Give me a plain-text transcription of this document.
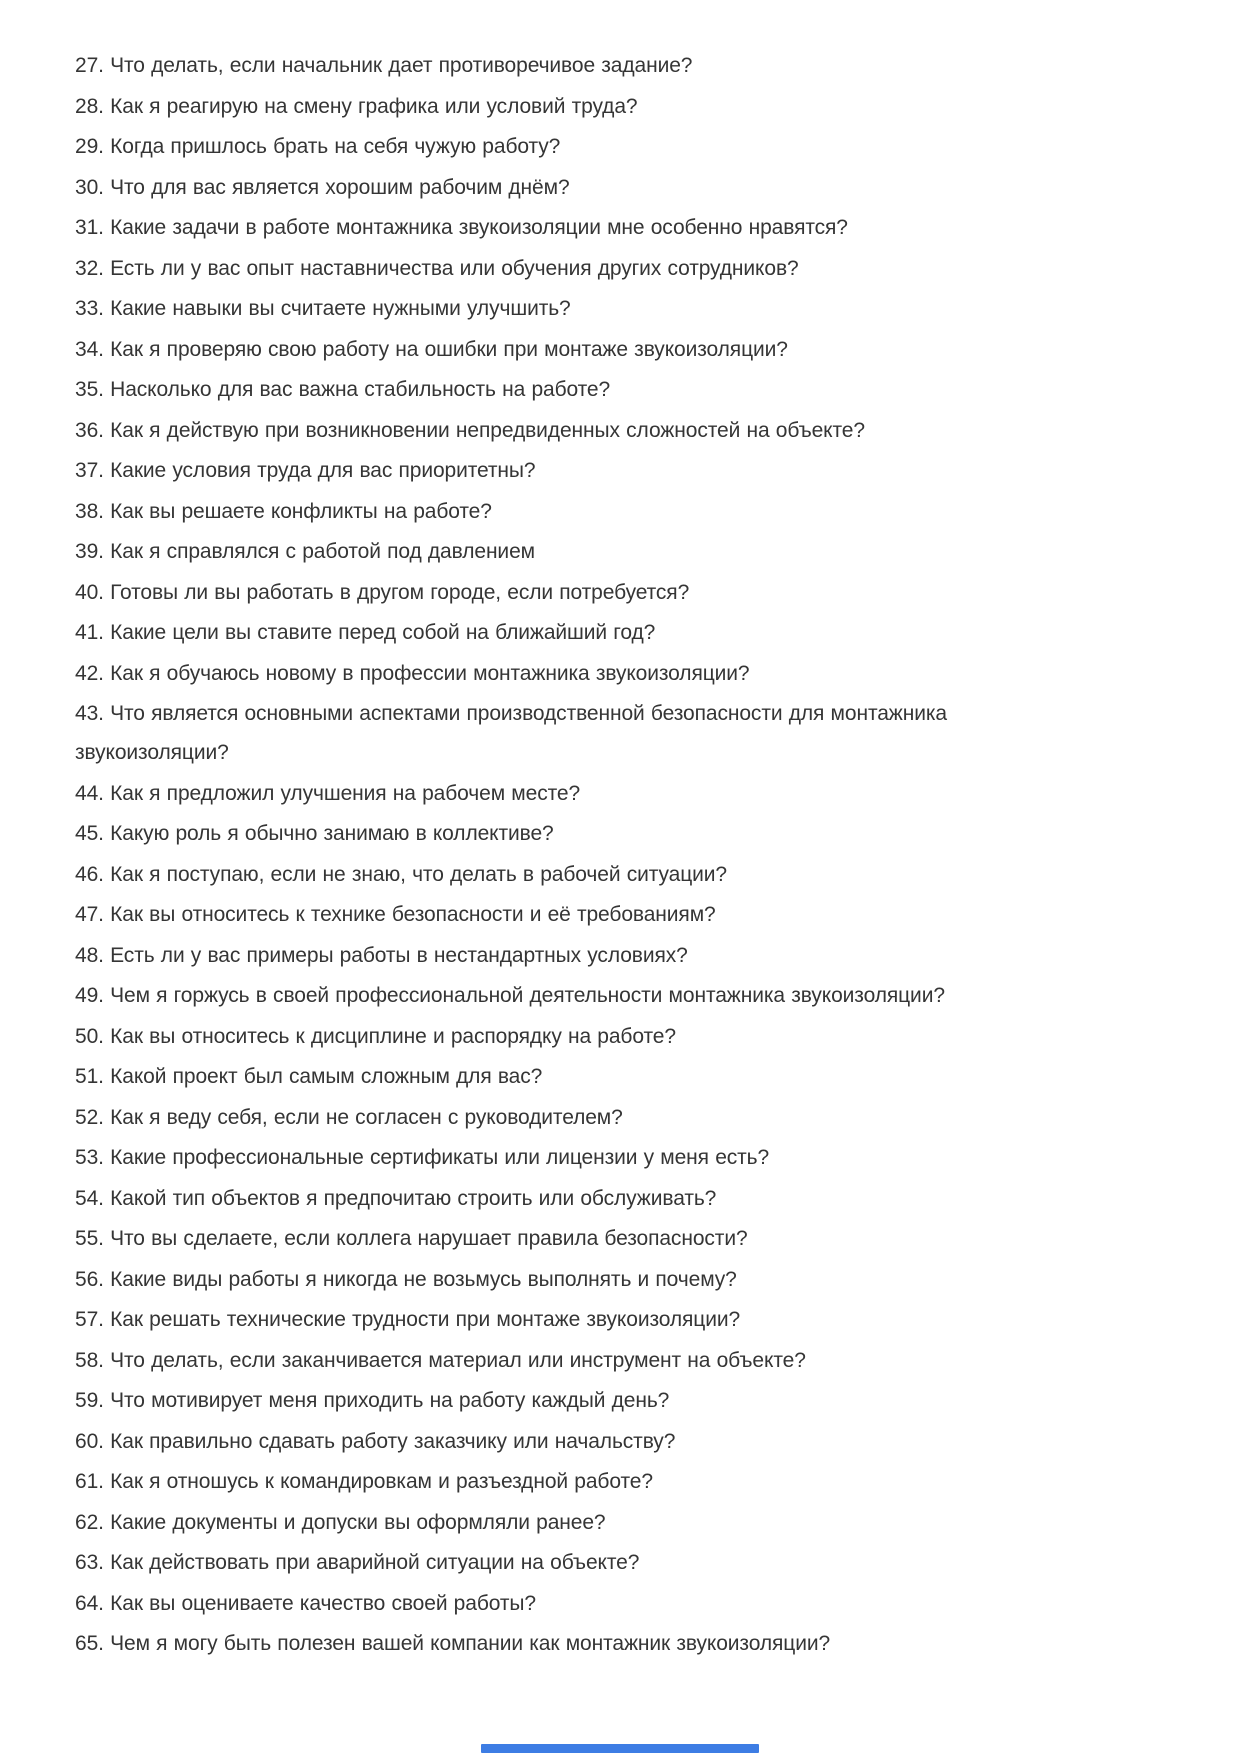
27. Что делать, если начальник дает противоречивое задание?

28. Как я реагирую на смену графика или условий труда?

29. Когда пришлось брать на себя чужую работу?

30. Что для вас является хорошим рабочим днём?

31. Какие задачи в работе монтажника звукоизоляции мне особенно нравятся?

32. Есть ли у вас опыт наставничества или обучения других сотрудников?

33. Какие навыки вы считаете нужными улучшить?

34. Как я проверяю свою работу на ошибки при монтаже звукоизоляции?

35. Насколько для вас важна стабильность на работе?

36. Как я действую при возникновении непредвиденных сложностей на объекте?

37. Какие условия труда для вас приоритетны?

38. Как вы решаете конфликты на работе?

39. Как я справлялся с работой под давлением

40. Готовы ли вы работать в другом городе, если потребуется?

41. Какие цели вы ставите перед собой на ближайший год?

42. Как я обучаюсь новому в профессии монтажника звукоизоляции?

43. Что является основными аспектами производственной безопасности для монтажника звукоизоляции?

44. Как я предложил улучшения на рабочем месте?

45. Какую роль я обычно занимаю в коллективе?

46. Как я поступаю, если не знаю, что делать в рабочей ситуации?

47. Как вы относитесь к технике безопасности и её требованиям?

48. Есть ли у вас примеры работы в нестандартных условиях?

49. Чем я горжусь в своей профессиональной деятельности монтажника звукоизоляции?

50. Как вы относитесь к дисциплине и распорядку на работе?

51. Какой проект был самым сложным для вас?

52. Как я веду себя, если не согласен с руководителем?

53. Какие профессиональные сертификаты или лицензии у меня есть?

54. Какой тип объектов я предпочитаю строить или обслуживать?

55. Что вы сделаете, если коллега нарушает правила безопасности?

56. Какие виды работы я никогда не возьмусь выполнять и почему?

57. Как решать технические трудности при монтаже звукоизоляции?

58. Что делать, если заканчивается материал или инструмент на объекте?

59. Что мотивирует меня приходить на работу каждый день?

60. Как правильно сдавать работу заказчику или начальству?

61. Как я отношусь к командировкам и разъездной работе?

62. Какие документы и допуски вы оформляли ранее?

63. Как действовать при аварийной ситуации на объекте?

64. Как вы оцениваете качество своей работы?

65. Чем я могу быть полезен вашей компании как монтажник звукоизоляции?
